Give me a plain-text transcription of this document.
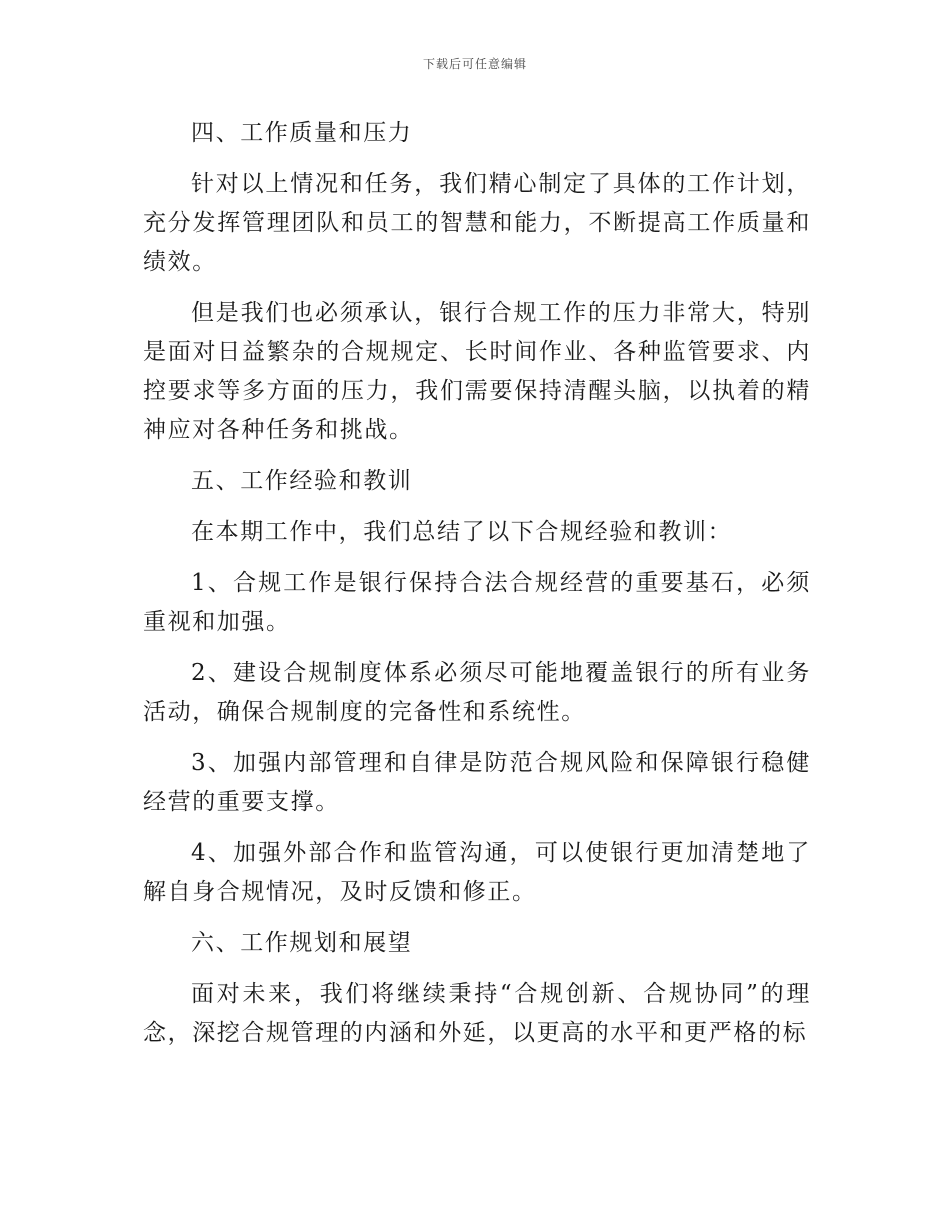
下载后可任意编辑

四、工作质量和压力

针对以上情况和任务，我们精心制定了具体的工作计划，充分发挥管理团队和员工的智慧和能力，不断提高工作质量和绩效。

但是我们也必须承认，银行合规工作的压力非常大，特别是面对日益繁杂的合规规定、长时间作业、各种监管要求、内控要求等多方面的压力，我们需要保持清醒头脑，以执着的精神应对各种任务和挑战。

五、工作经验和教训

在本期工作中，我们总结了以下合规经验和教训：

1、合规工作是银行保持合法合规经营的重要基石，必须重视和加强。

2、建设合规制度体系必须尽可能地覆盖银行的所有业务活动，确保合规制度的完备性和系统性。

3、加强内部管理和自律是防范合规风险和保障银行稳健经营的重要支撑。

4、加强外部合作和监管沟通，可以使银行更加清楚地了解自身合规情况，及时反馈和修正。

六、工作规划和展望

面对未来，我们将继续秉持“合规创新、合规协同”的理念，深挖合规管理的内涵和外延，以更高的水平和更严格的标
